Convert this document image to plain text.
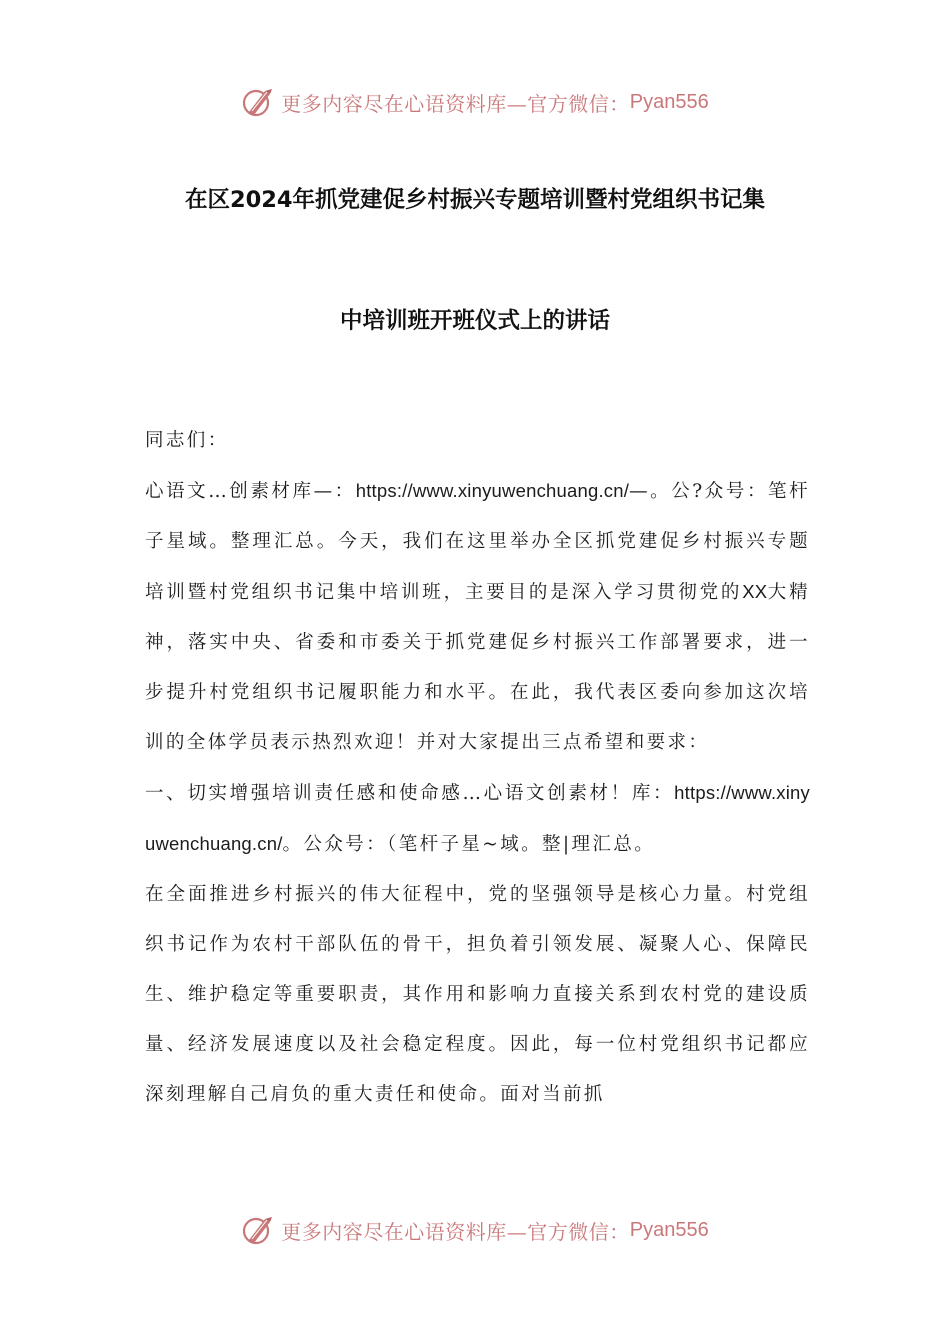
更多内容尽在心语资料库—官方微信： Pyan556
在区2024年抓党建促乡村振兴专题培训暨村党组织书记集
中培训班开班仪式上的讲话

同志们：

心语文…创素材库—：https://www.xinyuwenchuang.cn/—。公?众号：笔杆子星域。整理汇总。今天，我们在这里举办全区抓党建促乡村振兴专题培训暨村党组织书记集中培训班，主要目的是深入学习贯彻党的XX大精神，落实中央、省委和市委关于抓党建促乡村振兴工作部署要求，进一步提升村党组织书记履职能力和水平。在此，我代表区委向参加这次培训的全体学员表示热烈欢迎！并对大家提出三点希望和要求：

一、切实增强培训责任感和使命感…心语文创素材！库：https://www.xinyuwenchuang.cn/。公众号：（笔杆子星~域。整|理汇总。

在全面推进乡村振兴的伟大征程中，党的坚强领导是核心力量。村党组织书记作为农村干部队伍的骨干，担负着引领发展、凝聚人心、保障民生、维护稳定等重要职责，其作用和影响力直接关系到农村党的建设质量、经济发展速度以及社会稳定程度。因此，每一位村党组织书记都应深刻理解自己肩负的重大责任和使命。面对当前抓

更多内容尽在心语资料库—官方微信： Pyan556
